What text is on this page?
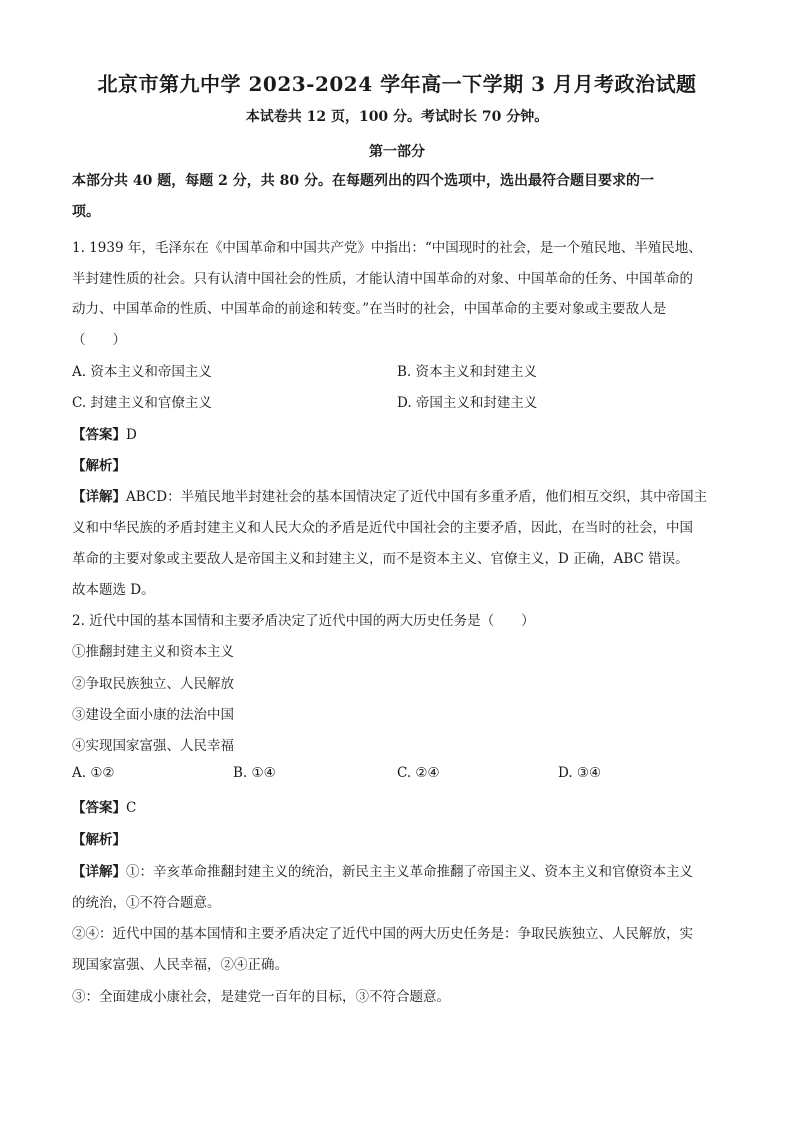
北京市第九中学 2023-2024 学年高一下学期 3 月月考政治试题
本试卷共 12 页，100 分。考试时长 70 分钟。
第一部分
本部分共 40 题，每题 2 分，共 80 分。在每题列出的四个选项中，选出最符合题目要求的一
项。
1. 1939 年，毛泽东在《中国革命和中国共产党》中指出：“中国现时的社会，是一个殖民地、半殖民地、
半封建性质的社会。只有认清中国社会的性质，才能认清中国革命的对象、中国革命的任务、中国革命的
动力、中国革命的性质、中国革命的前途和转变。”在当时的社会，中国革命的主要对象或主要敌人是
（　　）
A. 资本主义和帝国主义	B. 资本主义和封建主义
C. 封建主义和官僚主义	D. 帝国主义和封建主义
【答案】D
【解析】
【详解】ABCD：半殖民地半封建社会的基本国情决定了近代中国有多重矛盾，他们相互交织，其中帝国主
义和中华民族的矛盾封建主义和人民大众的矛盾是近代中国社会的主要矛盾，因此，在当时的社会，中国
革命的主要对象或主要敌人是帝国主义和封建主义，而不是资本主义、官僚主义，D 正确，ABC 错误。
故本题选 D。
2. 近代中国的基本国情和主要矛盾决定了近代中国的两大历史任务是（　　）
①推翻封建主义和资本主义
②争取民族独立、人民解放
③建设全面小康的法治中国
④实现国家富强、人民幸福
A. ①②	B. ①④	C. ②④	D. ③④
【答案】C
【解析】
【详解】①：辛亥革命推翻封建主义的统治，新民主主义革命推翻了帝国主义、资本主义和官僚资本主义
的统治，①不符合题意。
②④：近代中国的基本国情和主要矛盾决定了近代中国的两大历史任务是：争取民族独立、人民解放，实
现国家富强、人民幸福，②④正确。
③：全面建成小康社会，是建党一百年的目标，③不符合题意。
